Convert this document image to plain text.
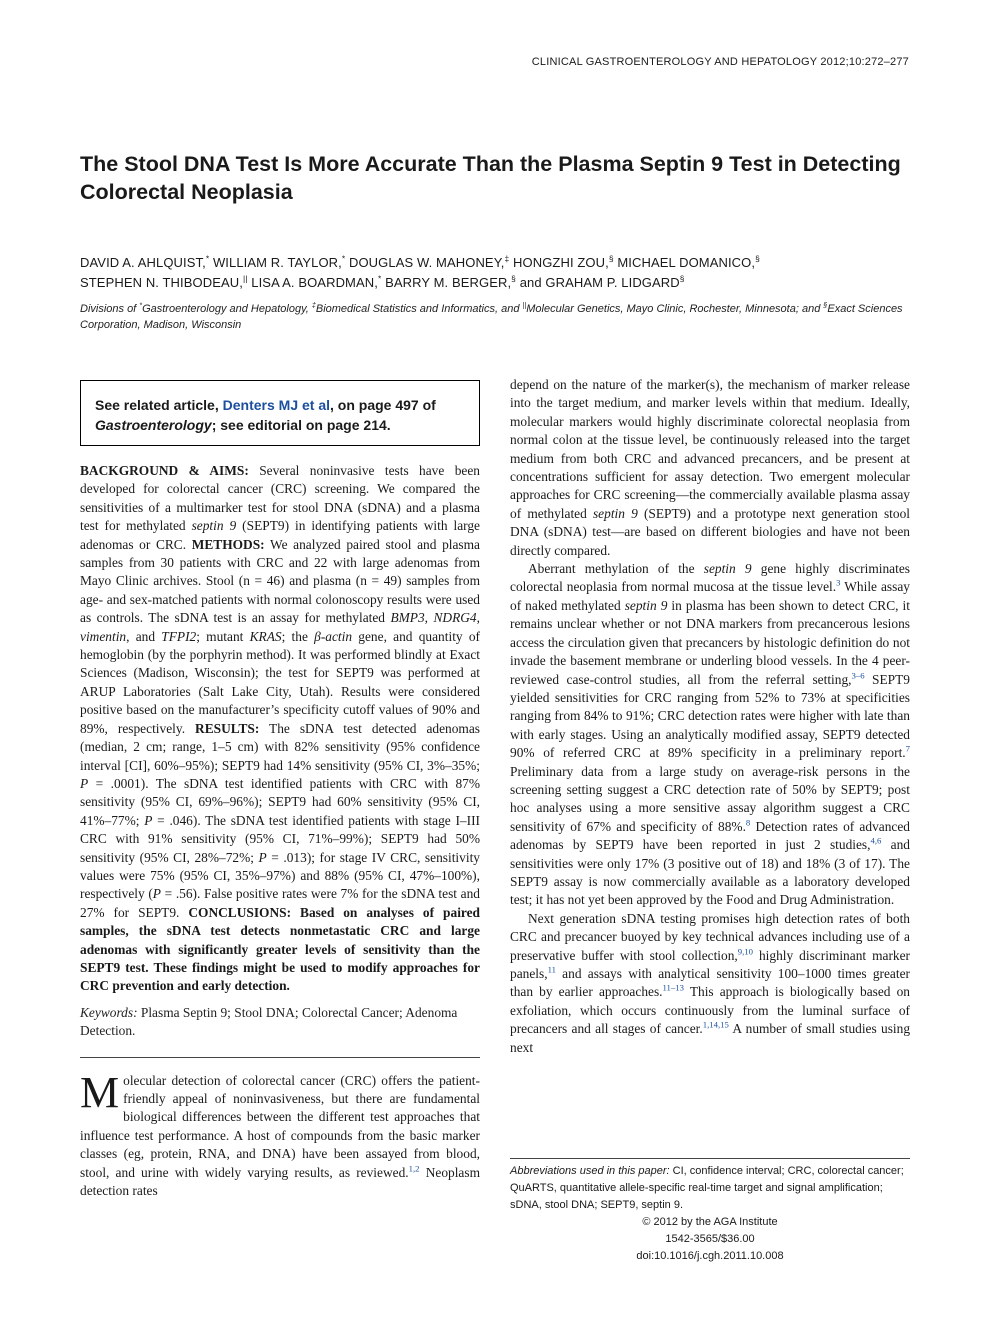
CLINICAL GASTROENTEROLOGY AND HEPATOLOGY 2012;10:272–277
The Stool DNA Test Is More Accurate Than the Plasma Septin 9 Test in Detecting Colorectal Neoplasia
DAVID A. AHLQUIST,* WILLIAM R. TAYLOR,* DOUGLAS W. MAHONEY,‡ HONGZHI ZOU,§ MICHAEL DOMANICO,§
STEPHEN N. THIBODEAU,|| LISA A. BOARDMAN,* BARRY M. BERGER,§ and GRAHAM P. LIDGARD§
Divisions of *Gastroenterology and Hepatology, ‡Biomedical Statistics and Informatics, and ||Molecular Genetics, Mayo Clinic, Rochester, Minnesota; and §Exact Sciences Corporation, Madison, Wisconsin
See related article, Denters MJ et al, on page 497 of Gastroenterology; see editorial on page 214.

BACKGROUND & AIMS: Several noninvasive tests have been developed for colorectal cancer (CRC) screening. We compared the sensitivities of a multimarker test for stool DNA (sDNA) and a plasma test for methylated septin 9 (SEPT9) in identifying patients with large adenomas or CRC. METHODS: We analyzed paired stool and plasma samples from 30 patients with CRC and 22 with large adenomas from Mayo Clinic archives. Stool (n = 46) and plasma (n = 49) samples from age- and sex-matched patients with normal colonoscopy results were used as controls. The sDNA test is an assay for methylated BMP3, NDRG4, vimentin, and TFPI2; mutant KRAS; the β-actin gene, and quantity of hemoglobin (by the porphyrin method). It was performed blindly at Exact Sciences (Madison, Wisconsin); the test for SEPT9 was performed at ARUP Laboratories (Salt Lake City, Utah). Results were considered positive based on the manufacturer’s specificity cutoff values of 90% and 89%, respectively. RESULTS: The sDNA test detected adenomas (median, 2 cm; range, 1–5 cm) with 82% sensitivity (95% confidence interval [CI], 60%–95%); SEPT9 had 14% sensitivity (95% CI, 3%–35%; P = .0001). The sDNA test identified patients with CRC with 87% sensitivity (95% CI, 69%–96%); SEPT9 had 60% sensitivity (95% CI, 41%–77%; P = .046). The sDNA test identified patients with stage I–III CRC with 91% sensitivity (95% CI, 71%–99%); SEPT9 had 50% sensitivity (95% CI, 28%–72%; P = .013); for stage IV CRC, sensitivity values were 75% (95% CI, 35%–97%) and 88% (95% CI, 47%–100%), respectively (P = .56). False positive rates were 7% for the sDNA test and 27% for SEPT9. CONCLUSIONS: Based on analyses of paired samples, the sDNA test detects nonmetastatic CRC and large adenomas with significantly greater levels of sensitivity than the SEPT9 test. These findings might be used to modify approaches for CRC prevention and early detection.

Keywords: Plasma Septin 9; Stool DNA; Colorectal Cancer; Adenoma Detection.

Molecular detection of colorectal cancer (CRC) offers the patient-friendly appeal of noninvasiveness, but there are fundamental biological differences between the different test approaches that influence test performance. A host of compounds from the basic marker classes (eg, protein, RNA, and DNA) have been assayed from blood, stool, and urine with widely varying results, as reviewed.$^{1,2}$ Neoplasm detection rates

depend on the nature of the marker(s), the mechanism of marker release into the target medium, and marker levels within that medium. Ideally, molecular markers would highly discriminate colorectal neoplasia from normal colon at the tissue level, be continuously released into the target medium from both CRC and advanced precancers, and be present at concentrations sufficient for assay detection. Two emergent molecular approaches for CRC screening—the commercially available plasma assay of methylated septin 9 (SEPT9) and a prototype next generation stool DNA (sDNA) test—are based on different biologies and have not been directly compared.

Aberrant methylation of the septin 9 gene highly discriminates colorectal neoplasia from normal mucosa at the tissue level.$^3$ While assay of naked methylated septin 9 in plasma has been shown to detect CRC, it remains unclear whether or not DNA markers from precancerous lesions access the circulation given that precancers by histologic definition do not invade the basement membrane or underling blood vessels. In the 4 peer-reviewed case-control studies, all from the referral setting,$^{3-6}$ SEPT9 yielded sensitivities for CRC ranging from 52% to 73% at specificities ranging from 84% to 91%; CRC detection rates were higher with late than with early stages. Using an analytically modified assay, SEPT9 detected 90% of referred CRC at 89% specificity in a preliminary report.$^7$ Preliminary data from a large study on average-risk persons in the screening setting suggest a CRC detection rate of 50% by SEPT9; post hoc analyses using a more sensitive assay algorithm suggest a CRC sensitivity of 67% and specificity of 88%.$^8$ Detection rates of advanced adenomas by SEPT9 have been reported in just 2 studies,$^{4,6}$ and sensitivities were only 17% (3 positive out of 18) and 18% (3 of 17). The SEPT9 assay is now commercially available as a laboratory developed test; it has not yet been approved by the Food and Drug Administration.

Next generation sDNA testing promises high detection rates of both CRC and precancer buoyed by key technical advances including use of a preservative buffer with stool collection,$^{9,10}$ highly discriminant marker panels,$^{11}$ and assays with analytical sensitivity 100–1000 times greater than by earlier approaches.$^{11-13}$ This approach is biologically based on exfoliation, which occurs continuously from the luminal surface of precancers and all stages of cancer.$^{1,14,15}$ A number of small studies using next

Abbreviations used in this paper: CI, confidence interval; CRC, colorectal cancer; QuARTS, quantitative allele-specific real-time target and signal amplification; sDNA, stool DNA; SEPT9, septin 9.
© 2012 by the AGA Institute
1542-3565/$36.00
doi:10.1016/j.cgh.2011.10.008
